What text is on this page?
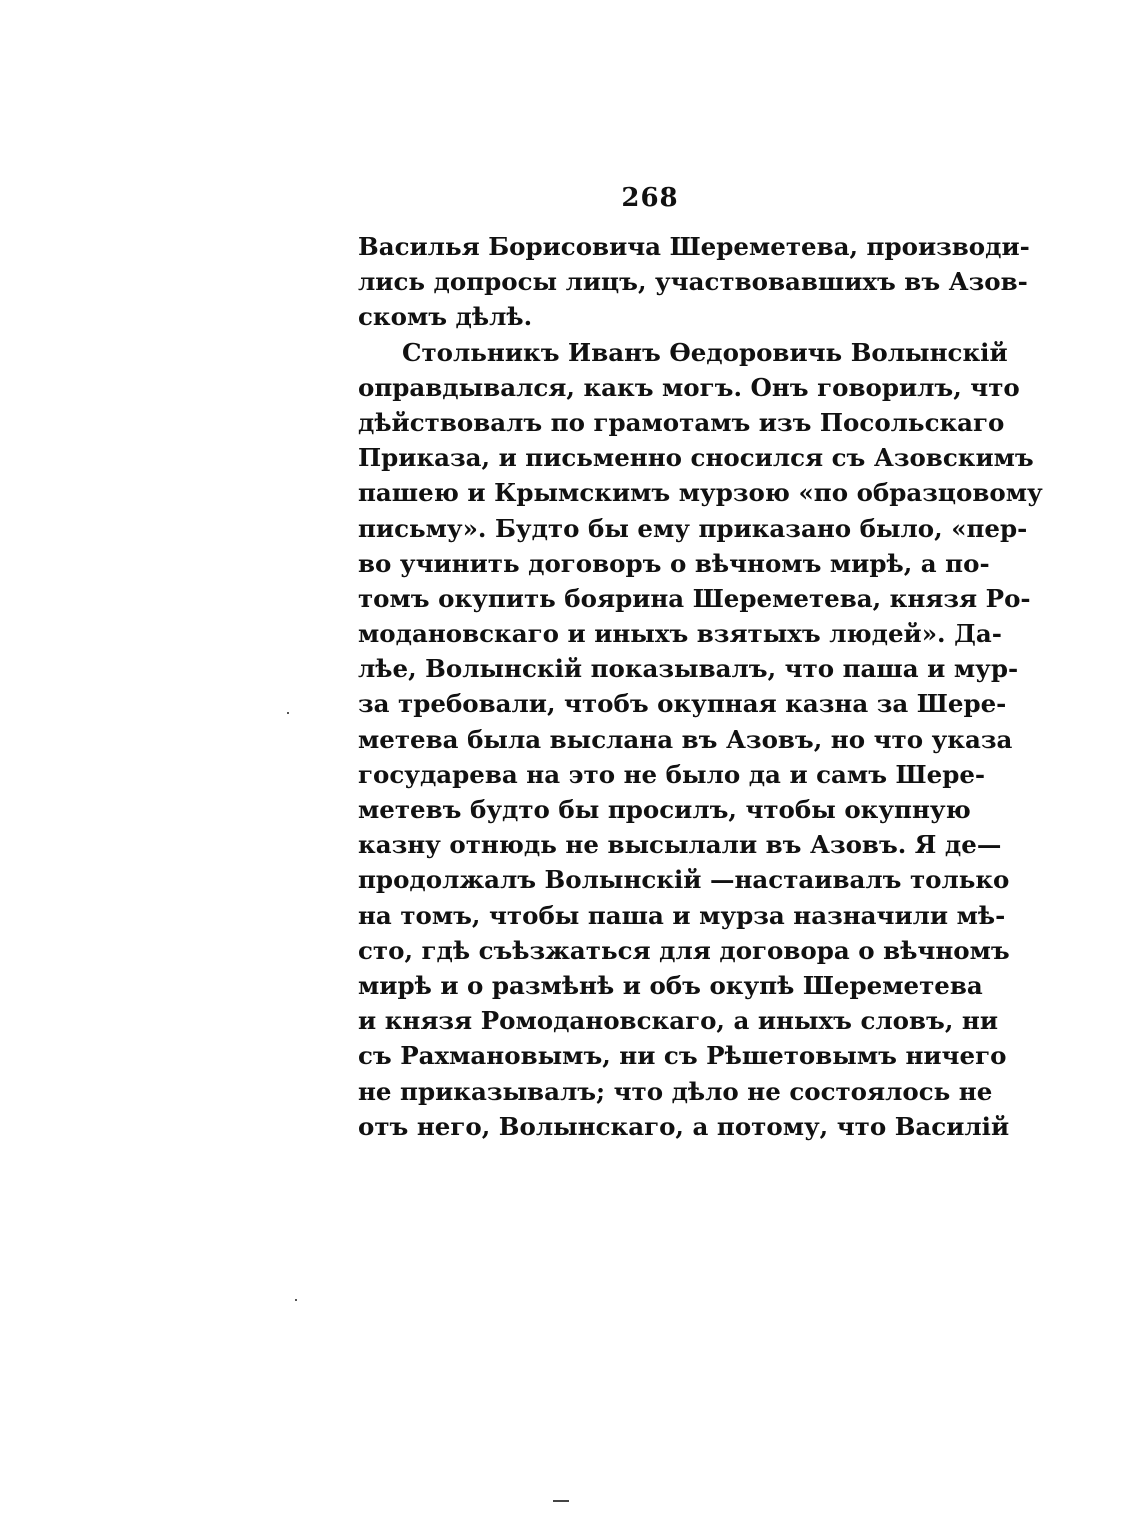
268
Василья Борисовича Шереметева, производи-
лись допросы лицъ, участвовавшихъ въ Азов-
скомъ дѣлѣ.
Стольникъ Иванъ Өедоровичь Волынскій
оправдывался, какъ могъ. Онъ говорилъ, что
дѣйствовалъ по грамотамъ изъ Посольскаго
Приказа, и письменно сносился съ Азовскимъ
пашею и Крымскимъ мурзою «по образцовому
письму». Будто бы ему приказано было, «пер-
во учинить договоръ о вѣчномъ мирѣ, а по-
томъ окупить боярина Шереметева, князя Ро-
модановскаго и иныхъ взятыхъ людей». Да-
лѣе, Волынскій показывалъ, что паша и мур-
за требовали, чтобъ окупная казна за Шере-
метева была выслана въ Азовъ, но что указа
государева на это не было да и самъ Шере-
метевъ будто бы просилъ, чтобы окупную
казну отнюдь не высылали въ Азовъ. Я де—
продолжалъ Волынскій —настаивалъ только
на томъ, чтобы паша и мурза назначили мѣ-
сто, гдѣ съѣзжаться для договора о вѣчномъ
мирѣ и о размѣнѣ и объ окупѣ Шереметева
и князя Ромодановскаго, а иныхъ словъ, ни
съ Рахмановымъ, ни съ Рѣшетовымъ ничего
не приказывалъ; что дѣло не состоялось не
отъ него, Волынскаго, а потому, что Василій
